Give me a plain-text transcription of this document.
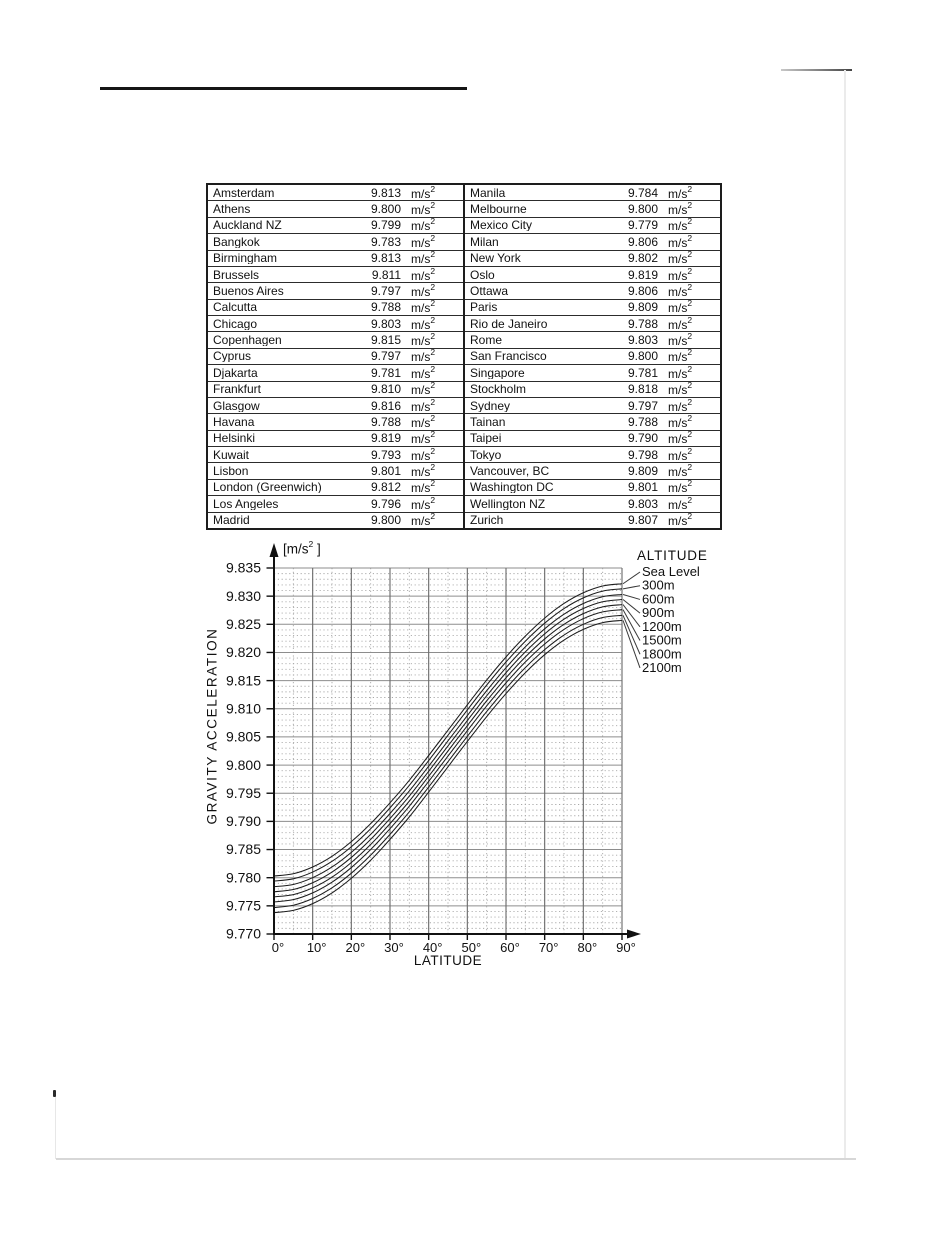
Amsterdam	9.813 $m/s^2$
Athens	9.800 $m/s^2$
Auckland NZ	9.799 $m/s^2$
Bangkok	9.783 $m/s^2$
Birmingham	9.813 $m/s^2$
Brussels	9.811 $m/s^2$
Buenos Aires	9.797 $m/s^2$
Calcutta	9.788 $m/s^2$
Chicago	9.803 $m/s^2$
Copenhagen	9.815 $m/s^2$
Cyprus	9.797 $m/s^2$
Djakarta	9.781 $m/s^2$
Frankfurt	9.810 $m/s^2$
Glasgow	9.816 $m/s^2$
Havana	9.788 $m/s^2$
Helsinki	9.819 $m/s^2$
Kuwait	9.793 $m/s^2$
Lisbon	9.801 $m/s^2$
London (Greenwich)	9.812 $m/s^2$
Los Angeles	9.796 $m/s^2$
Madrid	9.800 $m/s^2$
Manila	9.784 $m/s^2$
Melbourne	9.800 $m/s^2$
Mexico City	9.779 $m/s^2$
Milan	9.806 $m/s^2$
New York	9.802 $m/s^2$
Oslo	9.819 $m/s^2$
Ottawa	9.806 $m/s^2$
Paris	9.809 $m/s^2$
Rio de Janeiro	9.788 $m/s^2$
Rome	9.803 $m/s^2$
San Francisco	9.800 $m/s^2$
Singapore	9.781 $m/s^2$
Stockholm	9.818 $m/s^2$
Sydney	9.797 $m/s^2$
Tainan	9.788 $m/s^2$
Taipei	9.790 $m/s^2$
Tokyo	9.798 $m/s^2$
Vancouver, BC	9.809 $m/s^2$
Washington DC	9.801 $m/s^2$
Wellington NZ	9.803 $m/s^2$
Zurich	9.807 $m/s^2$
9.835
9.830
9.825
9.820
9.815
9.810
9.805
9.800
9.795
9.790
9.785
9.780
9.775
9.770
0° 10° 20° 30° 40° 50° 60° 70° 80° 90°
ALTITUDE
Sea Level
300m
600m
900m
1200m
1500m
1800m
2100m
[$m/s^2$ ]
GRAVITY ACCELERATION
LATITUDE
